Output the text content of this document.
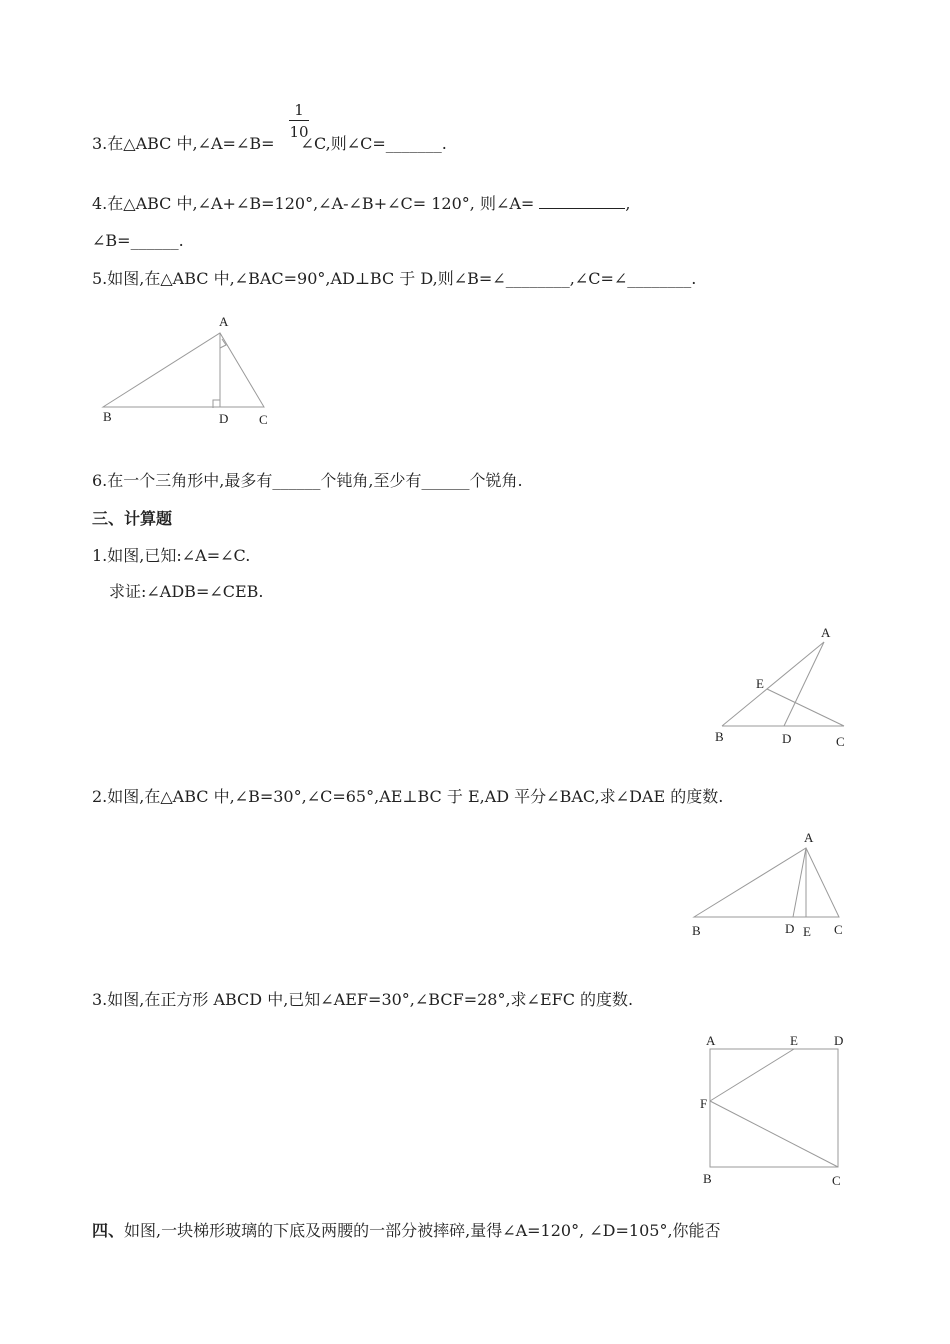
3.在△ABC 中,∠A=∠B= ∠C,则∠C=_______.
1
10
4.在△ABC 中,∠A+∠B=120°,∠A-∠B+∠C= 120°, 则∠A=	,
∠B=______.
5.如图,在△ABC 中,∠BAC=90°,AD⊥BC 于 D,则∠B=∠________,∠C=∠________.
6.在一个三角形中,最多有______个钝角,至少有______个锐角.
三、计算题
1.如图,已知:∠A=∠C.
求证:∠ADB=∠CEB.
2.如图,在△ABC 中,∠B=30°,∠C=65°,AE⊥BC 于 E,AD 平分∠BAC,求∠DAE 的度数.
3.如图,在正方形 ABCD 中,已知∠AEF=30°,∠BCF=28°,求∠EFC 的度数.
四、如图,一块梯形玻璃的下底及两腰的一部分被摔碎,量得∠A=120°, ∠D=105°,你能否
A
B	D C
A
E
B	D	C
A
B	D E C
A	E	D
F
B	C
